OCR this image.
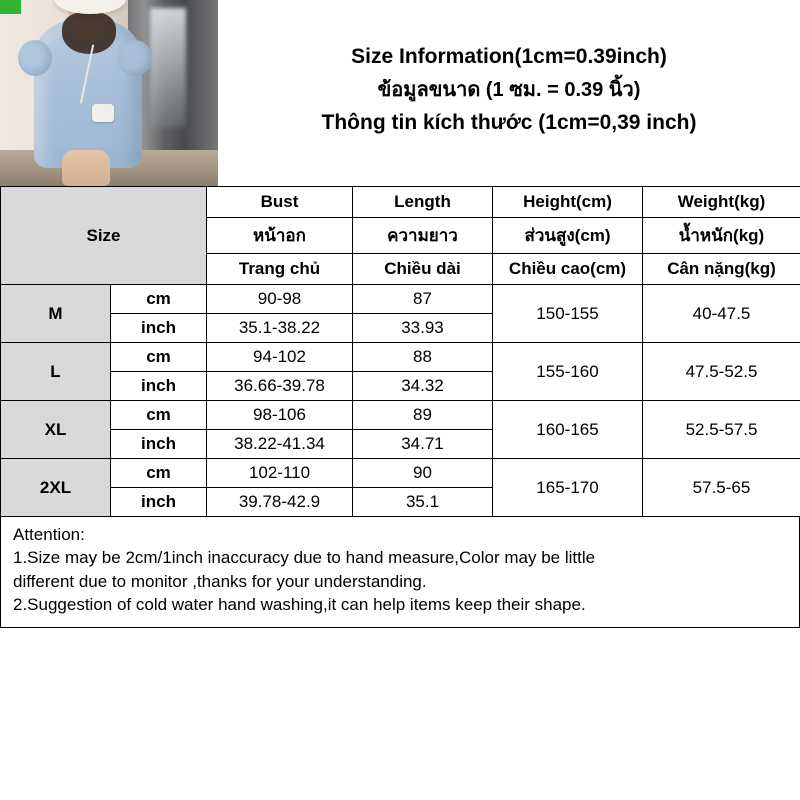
Size Information(1cm=0.39inch)
ข้อมูลขนาด (1 ซม. = 0.39 นิ้ว)
Thông tin kích thước (1cm=0,39 inch)
Size		Bust	Length	Height(cm)	Weight(kg)
		หน้าอก	ความยาว	ส่วนสูง(cm)	น้ำหนัก(kg)
		Trang chủ	Chiều dài	Chiều cao(cm)	Cân nặng(kg)
M	cm	90-98	87	150-155	40-47.5
	inch	35.1-38.22	33.93		
L	cm	94-102	88	155-160	47.5-52.5
	inch	36.66-39.78	34.32		
XL	cm	98-106	89	160-165	52.5-57.5
	inch	38.22-41.34	34.71		
2XL	cm	102-110	90	165-170	57.5-65
	inch	39.78-42.9	35.1		
Attention:
1.Size may be 2cm/1inch inaccuracy due to hand measure,Color may be little
different due to monitor ,thanks for your understanding.
2.Suggestion of cold water hand washing,it can help items keep their shape.
